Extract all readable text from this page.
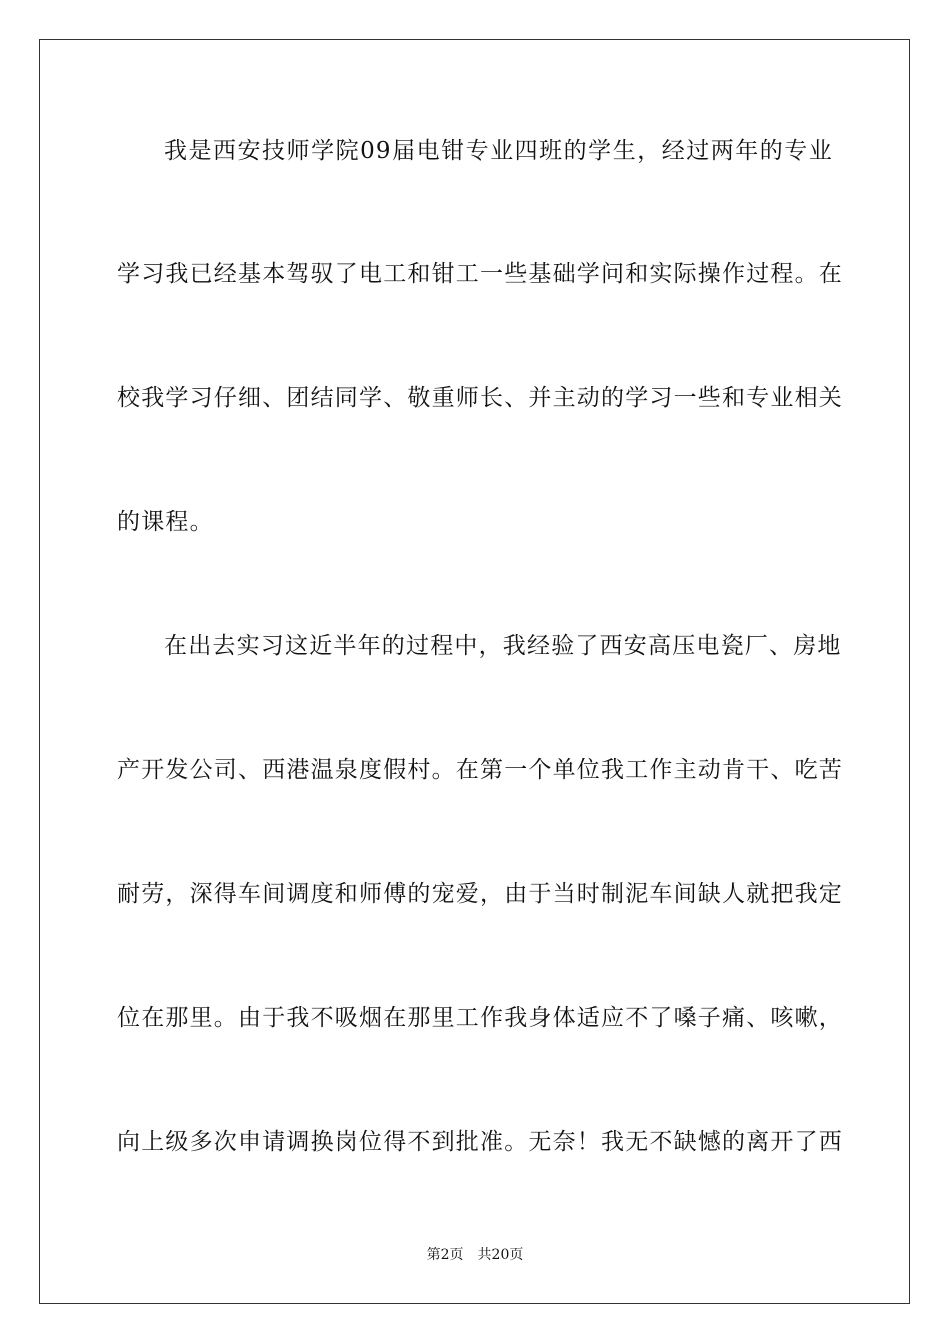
我是西安技师学院09届电钳专业四班的学生，经过两年的专业
学习我已经基本驾驭了电工和钳工一些基础学问和实际操作过程。在
校我学习仔细、团结同学、敬重师长、并主动的学习一些和专业相关
的课程。
在出去实习这近半年的过程中，我经验了西安高压电瓷厂、房地
产开发公司、西港温泉度假村。在第一个单位我工作主动肯干、吃苦
耐劳，深得车间调度和师傅的宠爱，由于当时制泥车间缺人就把我定
位在那里。由于我不吸烟在那里工作我身体适应不了嗓子痛、咳嗽，
向上级多次申请调换岗位得不到批准。无奈！我无不缺憾的离开了西
第2页 共20页
